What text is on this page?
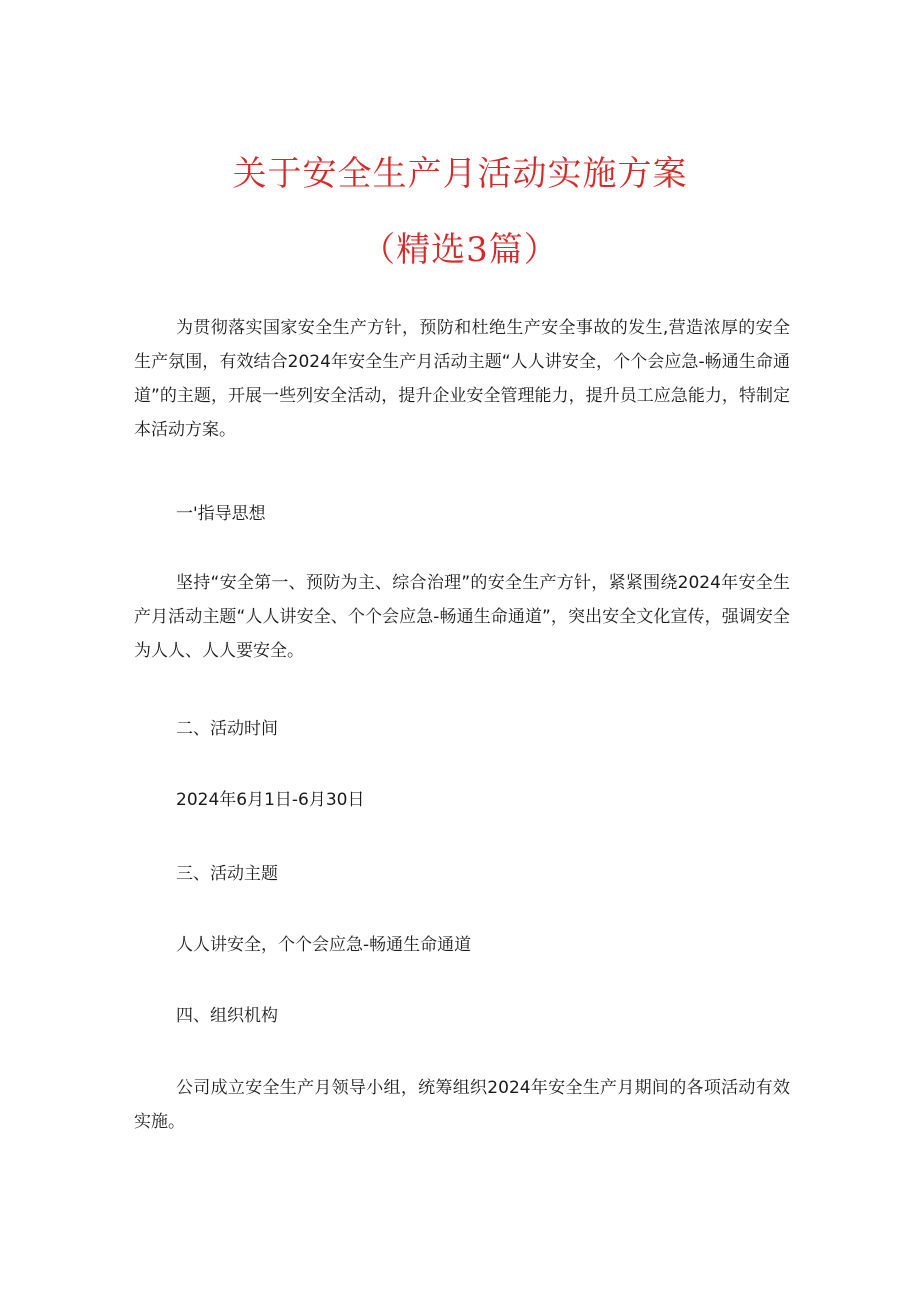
关于安全生产月活动实施方案
（精选3篇）

为贯彻落实国家安全生产方针，预防和杜绝生产安全事故的发生,营造浓厚的安全生产氛围，有效结合2024年安全生产月活动主题“人人讲安全，个个会应急-畅通生命通道”的主题，开展一些列安全活动，提升企业安全管理能力，提升员工应急能力，特制定本活动方案。

一'指导思想

坚持“安全第一、预防为主、综合治理”的安全生产方针，紧紧围绕2024年安全生产月活动主题“人人讲安全、个个会应急-畅通生命通道”，突出安全文化宣传，强调安全为人人、人人要安全。

二、活动时间

2024年6月1日-6月30日

三、活动主题

人人讲安全，个个会应急-畅通生命通道

四、组织机构

公司成立安全生产月领导小组，统筹组织2024年安全生产月期间的各项活动有效实施。
